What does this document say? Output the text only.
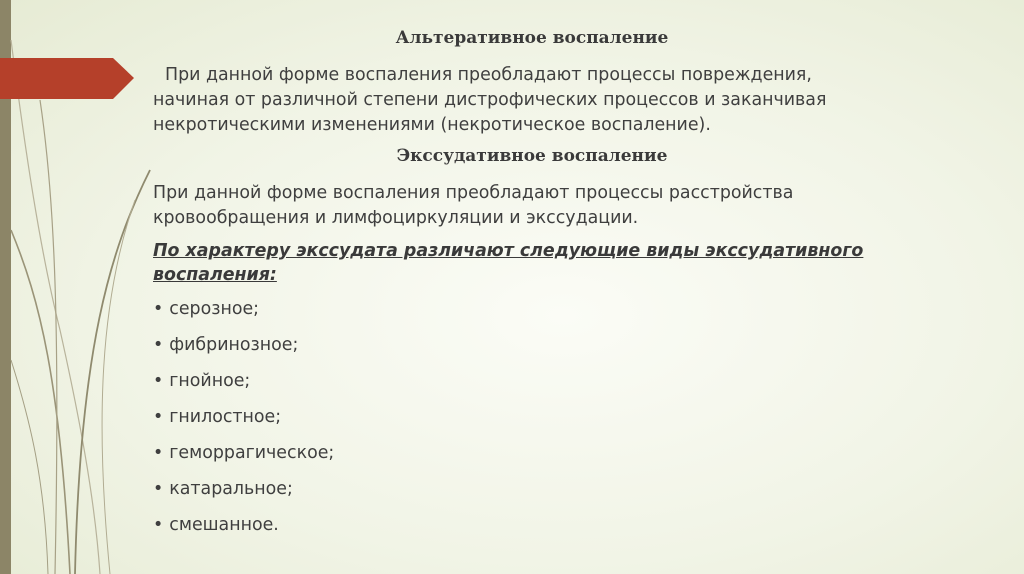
Альтеративное воспаление

При данной форме воспаления преобладают процессы повреждения,
начиная от различной степени дистрофических процессов и заканчивая
некротическими изменениями (некротическое воспаление).

Экссудативное воспаление

При данной форме воспаления преобладают процессы расстройства
кровообращения и лимфоциркуляции и экссудации.

По характеру экссудата различают следующие виды экссудативного
воспаления:

• серозное;
• фибринозное;
• гнойное;
• гнилостное;
• геморрагическое;
• катаральное;
• смешанное.
